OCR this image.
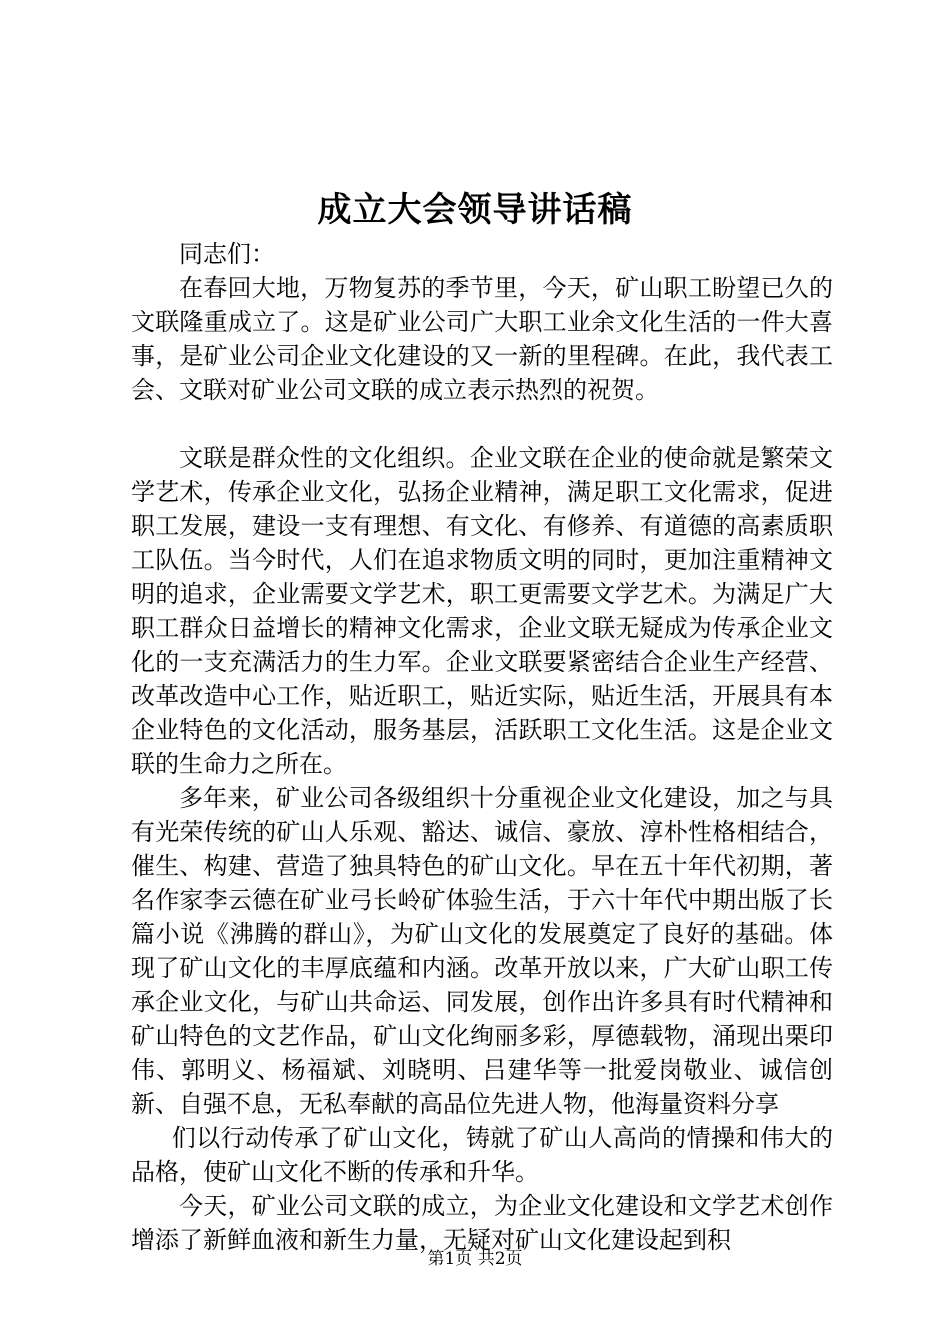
成立大会领导讲话稿

同志们：

在春回大地，万物复苏的季节里，今天，矿山职工盼望已久的文联隆重成立了。这是矿业公司广大职工业余文化生活的一件大喜事，是矿业公司企业文化建设的又一新的里程碑。在此，我代表工会、文联对矿业公司文联的成立表示热烈的祝贺。

文联是群众性的文化组织。企业文联在企业的使命就是繁荣文学艺术，传承企业文化，弘扬企业精神，满足职工文化需求，促进职工发展，建设一支有理想、有文化、有修养、有道德的高素质职工队伍。当今时代，人们在追求物质文明的同时，更加注重精神文明的追求，企业需要文学艺术，职工更需要文学艺术。为满足广大职工群众日益增长的精神文化需求，企业文联无疑成为传承企业文化的一支充满活力的生力军。企业文联要紧密结合企业生产经营、改革改造中心工作，贴近职工，贴近实际，贴近生活，开展具有本企业特色的文化活动，服务基层，活跃职工文化生活。这是企业文联的生命力之所在。

多年来，矿业公司各级组织十分重视企业文化建设，加之与具有光荣传统的矿山人乐观、豁达、诚信、豪放、淳朴性格相结合，催生、构建、营造了独具特色的矿山文化。早在五十年代初期，著名作家李云德在矿业弓长岭矿体验生活，于六十年代中期出版了长篇小说《沸腾的群山》，为矿山文化的发展奠定了良好的基础。体现了矿山文化的丰厚底蕴和内涵。改革开放以来，广大矿山职工传承企业文化，与矿山共命运、同发展，创作出许多具有时代精神和矿山特色的文艺作品，矿山文化绚丽多彩，厚德载物，涌现出栗印伟、郭明义、杨福斌、刘晓明、吕建华等一批爱岗敬业、诚信创新、自强不息，无私奉献的高品位先进人物，他海量资料分享

们以行动传承了矿山文化，铸就了矿山人高尚的情操和伟大的品格，使矿山文化不断的传承和升华。

今天，矿业公司文联的成立，为企业文化建设和文学艺术创作增添了新鲜血液和新生力量，无疑对矿山文化建设起到积

第1页 共2页
